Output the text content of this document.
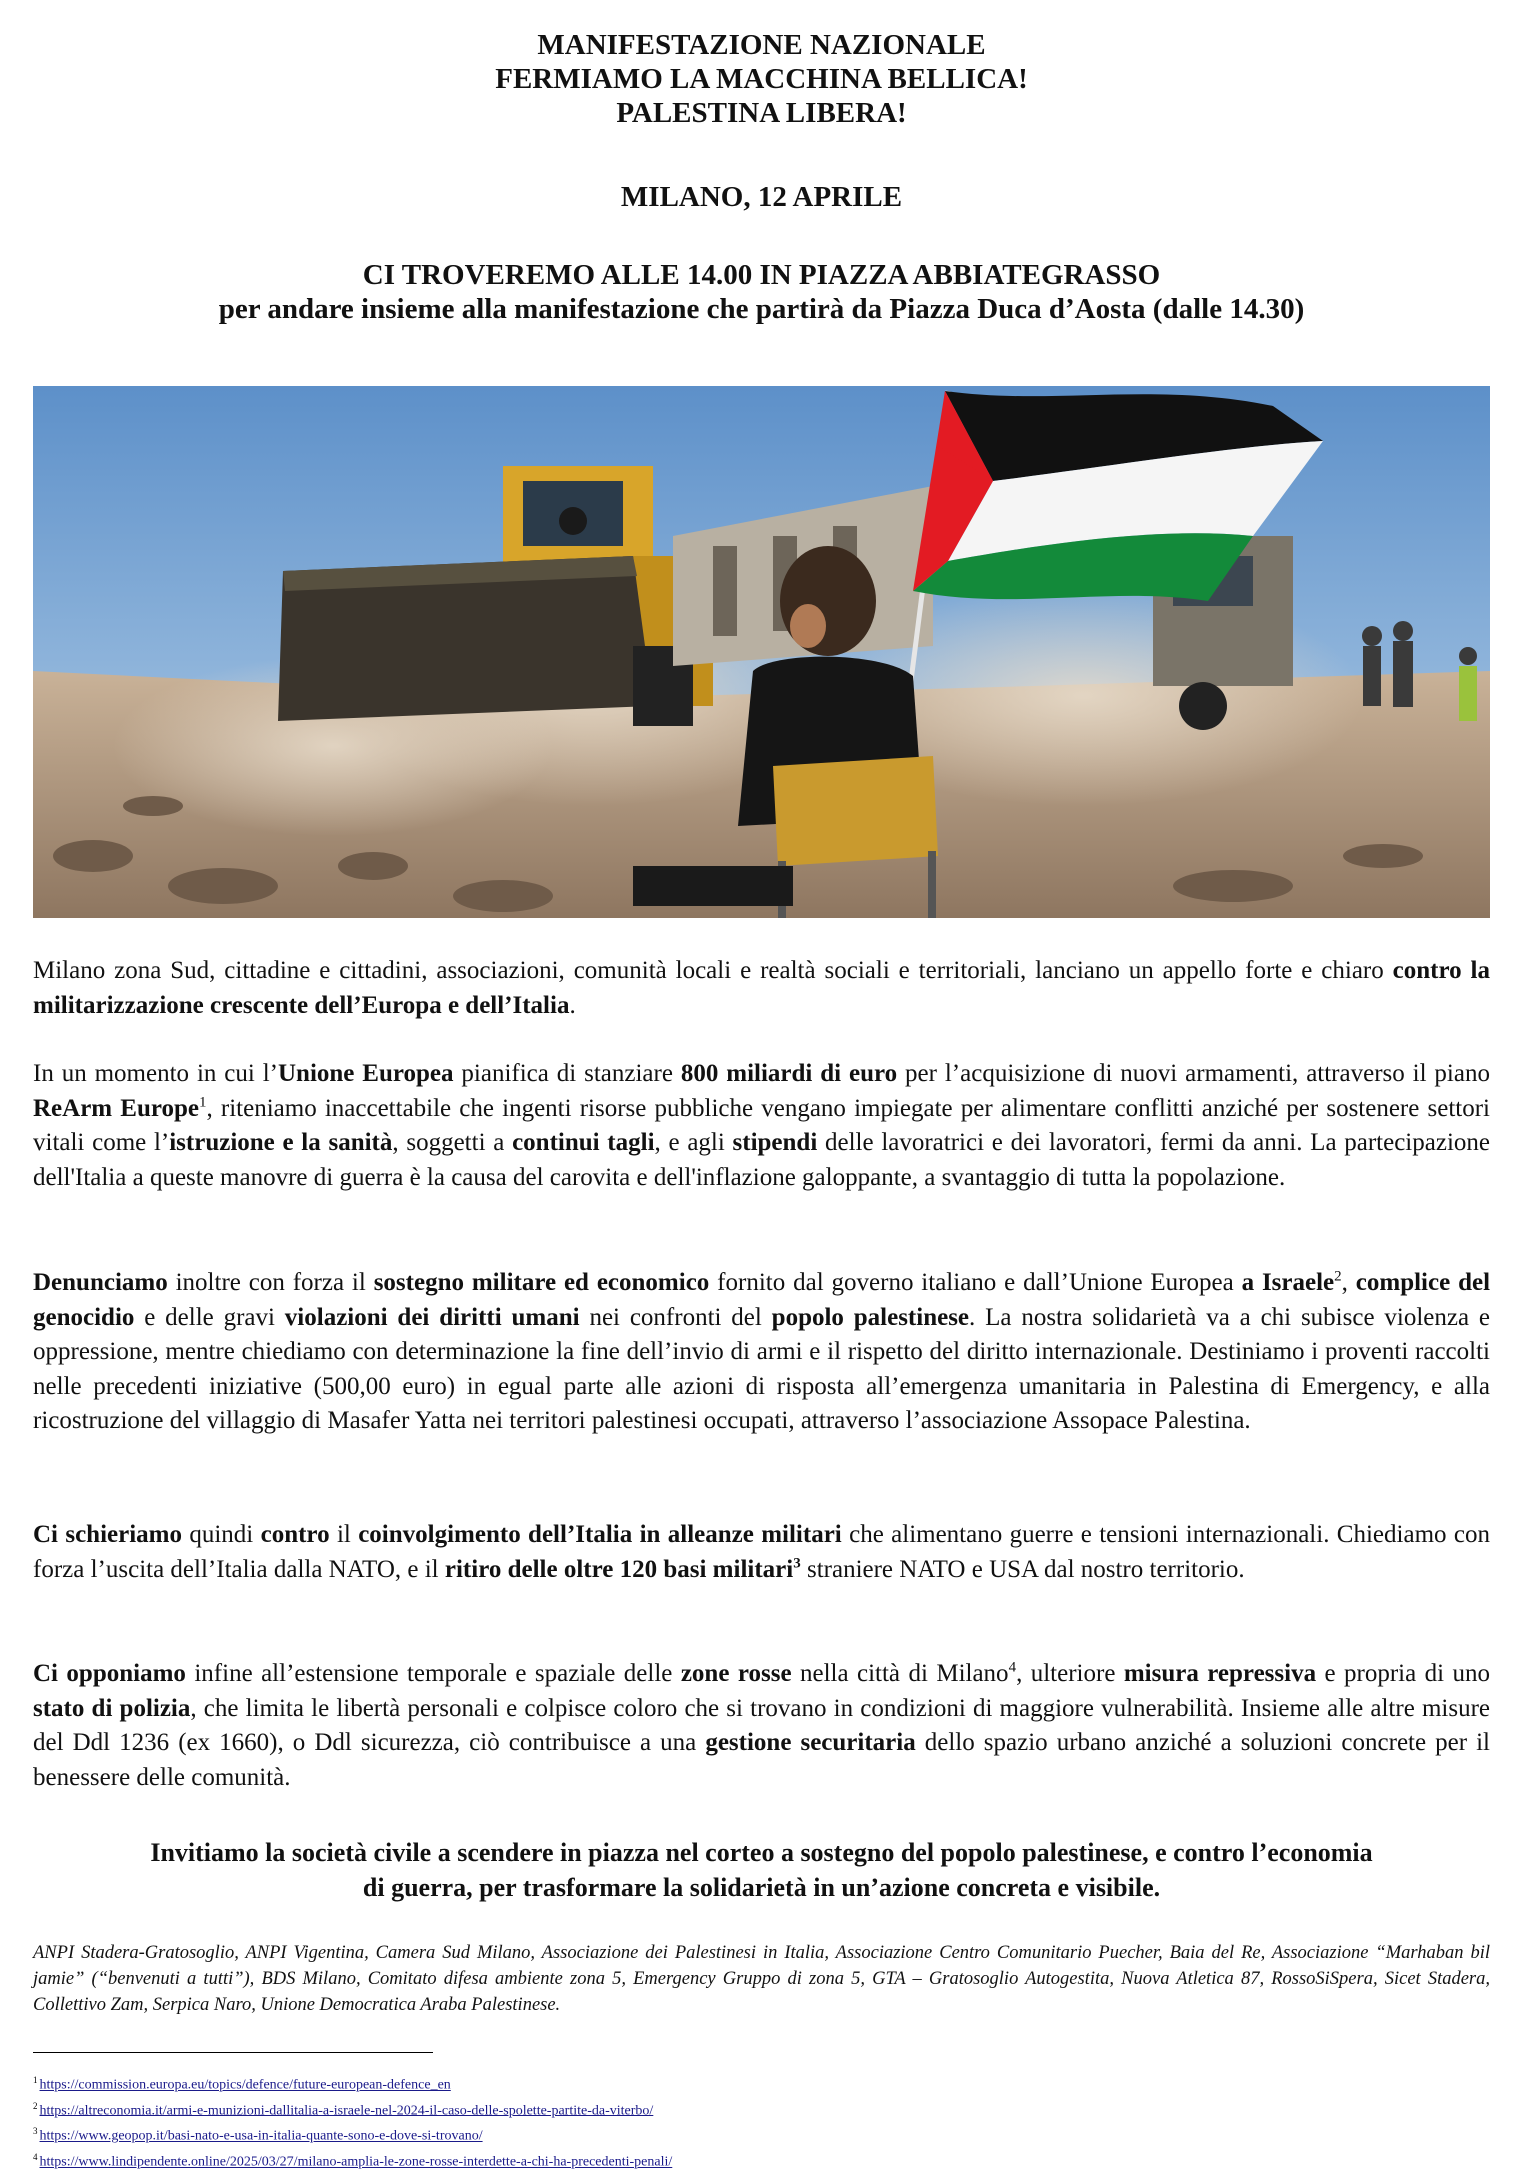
MANIFESTAZIONE NAZIONALE
FERMIAMO LA MACCHINA BELLICA!
PALESTINA LIBERA!
MILANO, 12 APRILE
CI TROVEREMO ALLE 14.00 IN PIAZZA ABBIATEGRASSO
per andare insieme alla manifestazione che partirà da Piazza Duca d’Aosta (dalle 14.30)

Milano zona Sud, cittadine e cittadini, associazioni, comunità locali e realtà sociali e territoriali, lanciano un appello forte e chiaro contro la militarizzazione crescente dell’Europa e dell’Italia.

In un momento in cui l’Unione Europea pianifica di stanziare 800 miliardi di euro per l’acquisizione di nuovi armamenti, attraverso il piano ReArm Europe$^1$, riteniamo inaccettabile che ingenti risorse pubbliche vengano impiegate per alimentare conflitti anziché per sostenere settori vitali come l’istruzione e la sanità, soggetti a continui tagli, e agli stipendi delle lavoratrici e dei lavoratori, fermi da anni. La partecipazione dell'Italia a queste manovre di guerra è la causa del carovita e dell'inflazione galoppante, a svantaggio di tutta la popolazione.

Denunciamo inoltre con forza il sostegno militare ed economico fornito dal governo italiano e dall’Unione Europea a Israele$^2$, complice del genocidio e delle gravi violazioni dei diritti umani nei confronti del popolo palestinese. La nostra solidarietà va a chi subisce violenza e oppressione, mentre chiediamo con determinazione la fine dell’invio di armi e il rispetto del diritto internazionale. Destiniamo i proventi raccolti nelle precedenti iniziative (500,00 euro) in egual parte alle azioni di risposta all’emergenza umanitaria in Palestina di Emergency, e alla ricostruzione del villaggio di Masafer Yatta nei territori palestinesi occupati, attraverso l’associazione Assopace Palestina.

Ci schieriamo quindi contro il coinvolgimento dell’Italia in alleanze militari che alimentano guerre e tensioni internazionali. Chiediamo con forza l’uscita dell’Italia dalla NATO, e il ritiro delle oltre 120 basi militari$^3$ straniere NATO e USA dal nostro territorio.

Ci opponiamo infine all’estensione temporale e spaziale delle zone rosse nella città di Milano$^4$, ulteriore misura repressiva e propria di uno stato di polizia, che limita le libertà personali e colpisce coloro che si trovano in condizioni di maggiore vulnerabilità. Insieme alle altre misure del Ddl 1236 (ex 1660), o Ddl sicurezza, ciò contribuisce a una gestione securitaria dello spazio urbano anziché a soluzioni concrete per il benessere delle comunità.

Invitiamo la società civile a scendere in piazza nel corteo a sostegno del popolo palestinese, e contro l’economia
di guerra, per trasformare la solidarietà in un’azione concreta e visibile.

ANPI Stadera-Gratosoglio, ANPI Vigentina, Camera Sud Milano, Associazione dei Palestinesi in Italia, Associazione Centro Comunitario Puecher, Baia del Re, Associazione “Marhaban bil jamie” (“benvenuti a tutti”), BDS Milano, Comitato difesa ambiente zona 5, Emergency Gruppo di zona 5, GTA – Gratosoglio Autogestita, Nuova Atletica 87, RossoSiSpera, Sicet Stadera, Collettivo Zam, Serpica Naro, Unione Democratica Araba Palestinese.

$^1$ https://commission.europa.eu/topics/defence/future-european-defence_en
$^2$ https://altreconomia.it/armi-e-munizioni-dallitalia-a-israele-nel-2024-il-caso-delle-spolette-partite-da-viterbo/
$^3$ https://www.geopop.it/basi-nato-e-usa-in-italia-quante-sono-e-dove-si-trovano/
$^4$ https://www.lindipendente.online/2025/03/27/milano-amplia-le-zone-rosse-interdette-a-chi-ha-precedenti-penali/
